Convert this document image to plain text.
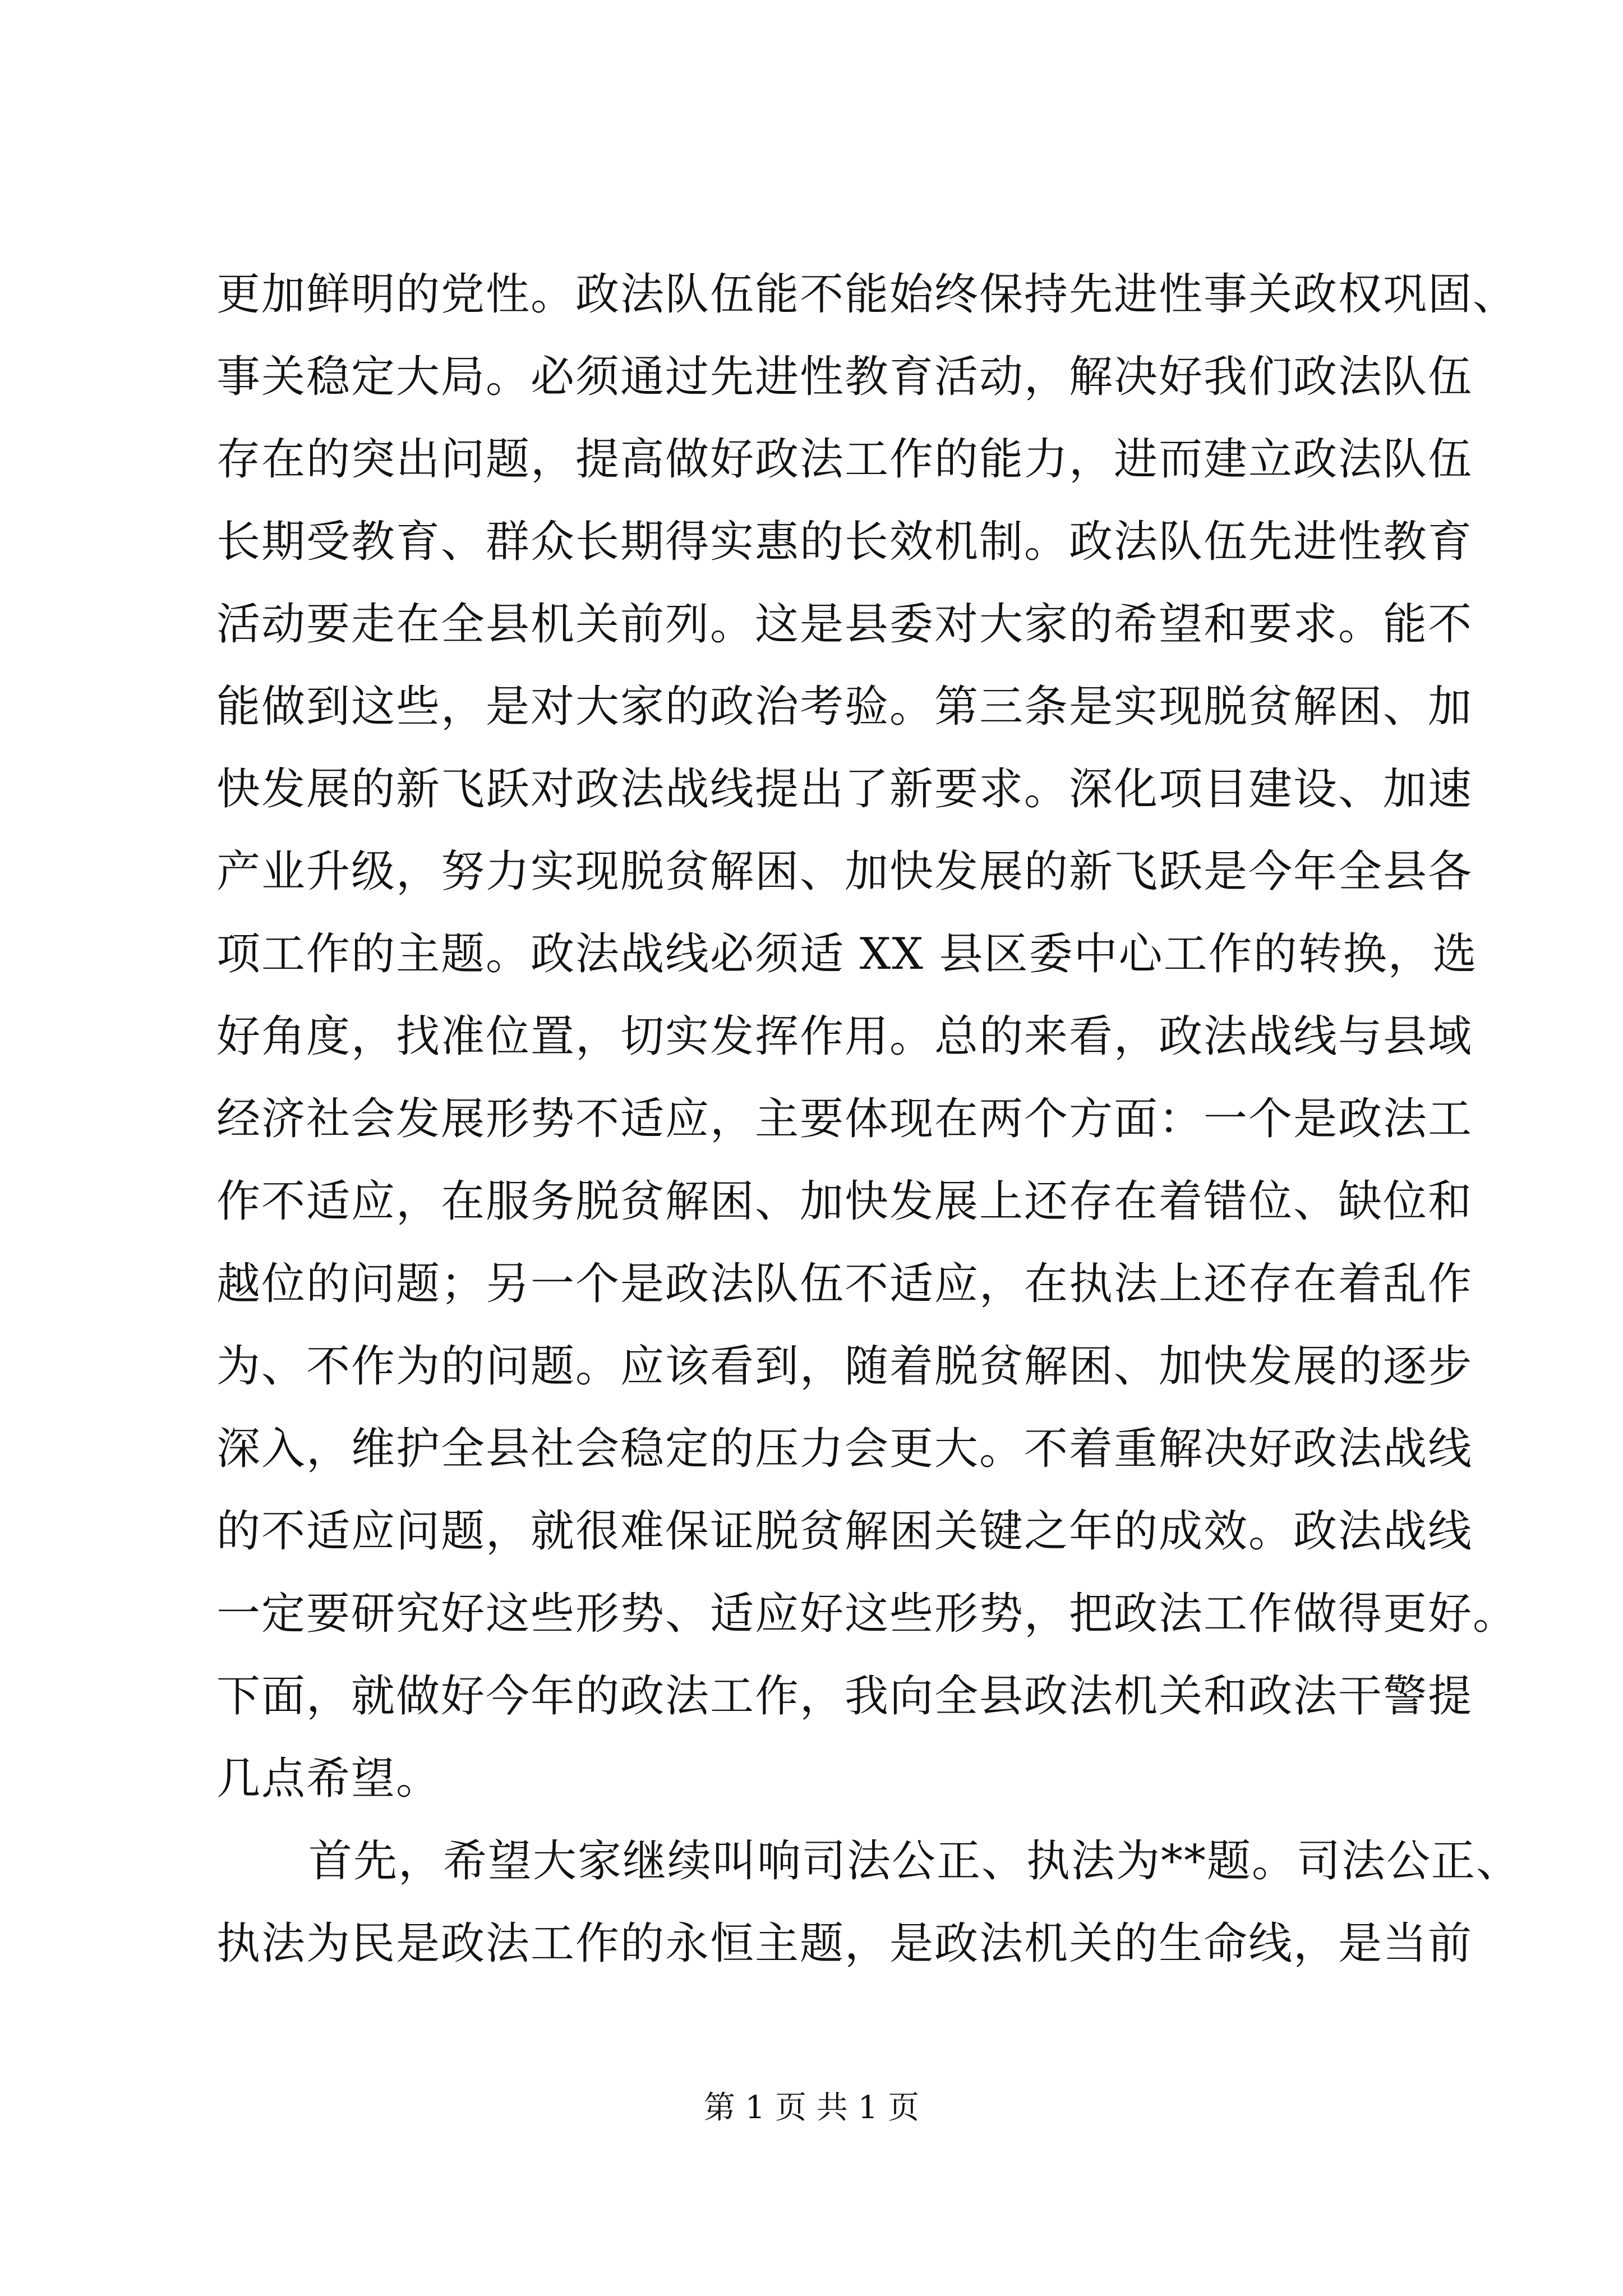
更加鲜明的党性。政法队伍能不能始终保持先进性事关政权巩固、
事关稳定大局。必须通过先进性教育活动，解决好我们政法队伍
存在的突出问题，提高做好政法工作的能力，进而建立政法队伍
长期受教育、群众长期得实惠的长效机制。政法队伍先进性教育
活动要走在全县机关前列。这是县委对大家的希望和要求。能不
能做到这些，是对大家的政治考验。第三条是实现脱贫解困、加
快发展的新飞跃对政法战线提出了新要求。深化项目建设、加速
产业升级，努力实现脱贫解困、加快发展的新飞跃是今年全县各
项工作的主题。政法战线必须适 XX 县区委中心工作的转换，选
好角度，找准位置，切实发挥作用。总的来看，政法战线与县域
经济社会发展形势不适应，主要体现在两个方面：一个是政法工
作不适应，在服务脱贫解困、加快发展上还存在着错位、缺位和
越位的问题；另一个是政法队伍不适应，在执法上还存在着乱作
为、不作为的问题。应该看到，随着脱贫解困、加快发展的逐步
深入，维护全县社会稳定的压力会更大。不着重解决好政法战线
的不适应问题，就很难保证脱贫解困关键之年的成效。政法战线
一定要研究好这些形势、适应好这些形势，把政法工作做得更好。
下面，就做好今年的政法工作，我向全县政法机关和政法干警提
几点希望。
首先，希望大家继续叫响司法公正、执法为**题。司法公正、
执法为民是政法工作的永恒主题，是政法机关的生命线，是当前
第 1 页 共 1 页
